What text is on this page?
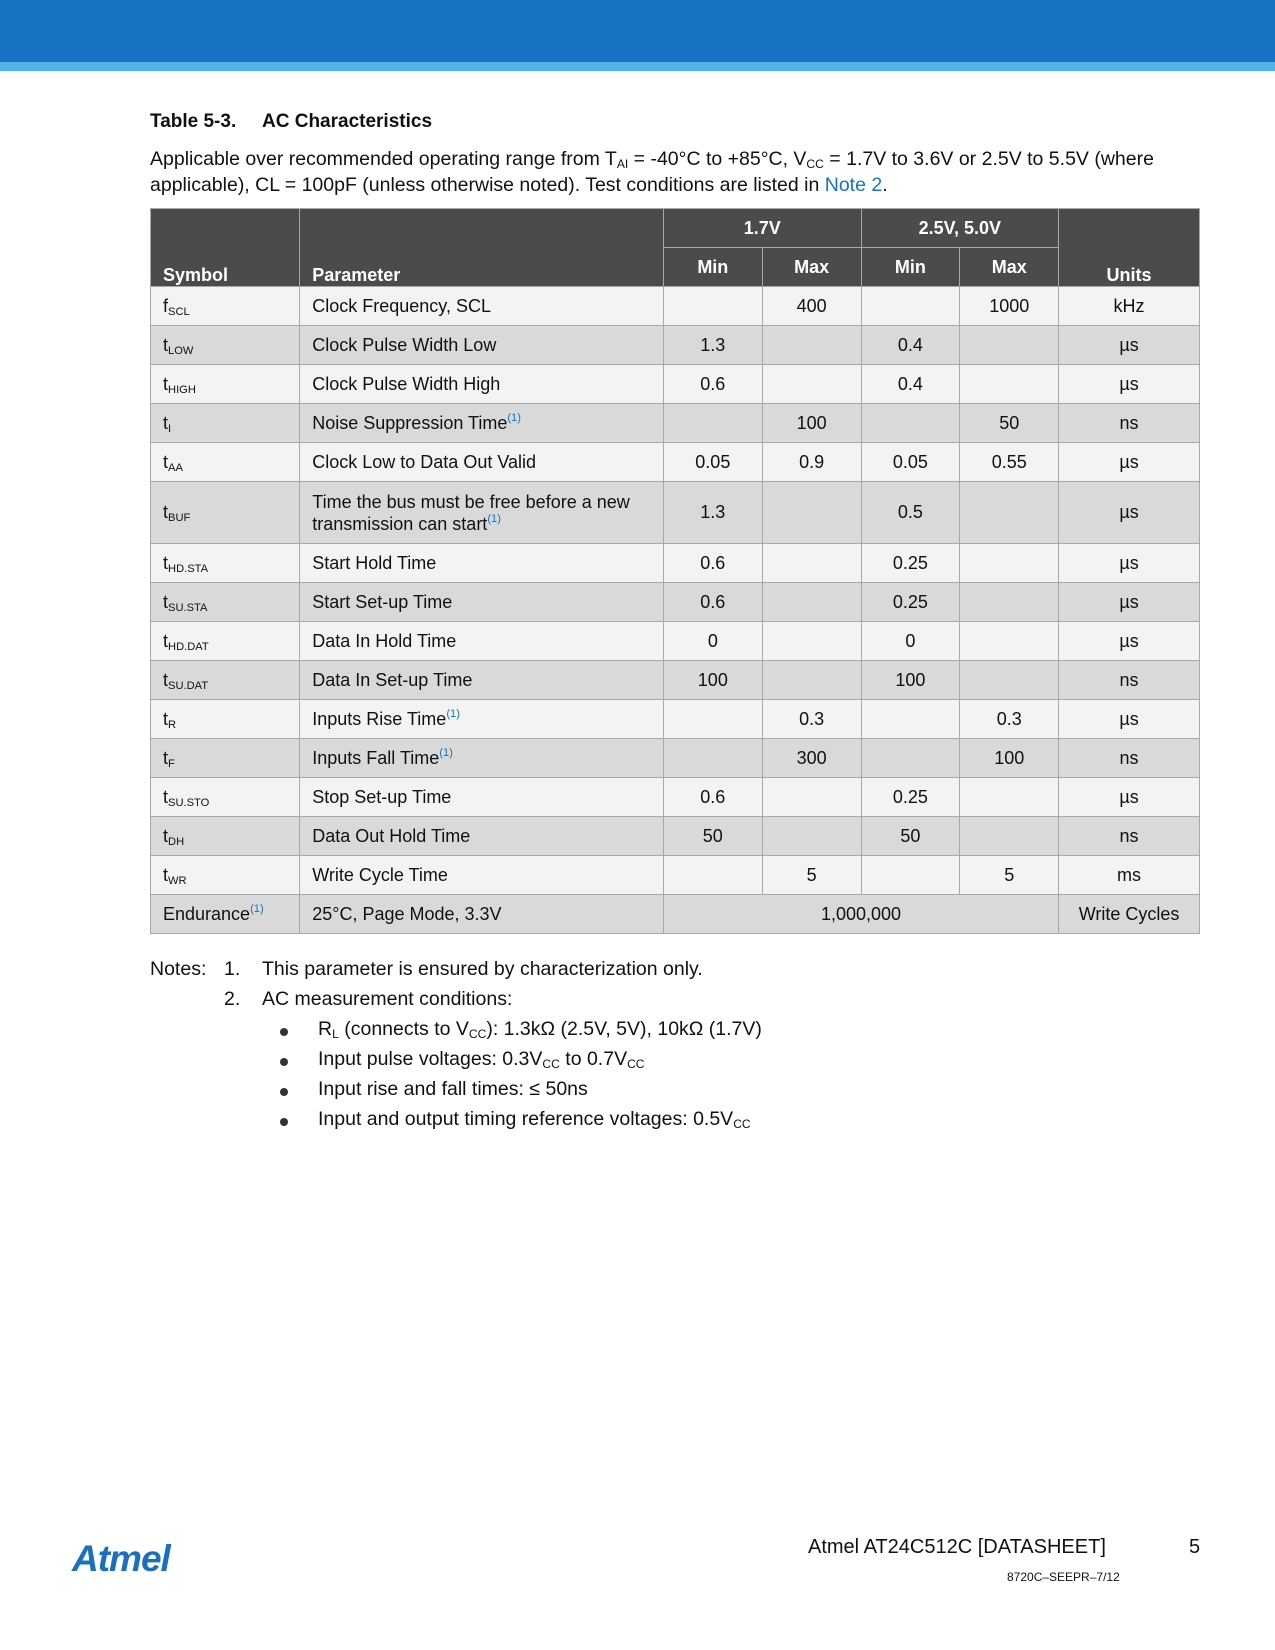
Table 5-3. AC Characteristics
Applicable over recommended operating range from $T_{AI} = -40^\circ C$ to +85°C, $V_{CC} = 1.7V$ to 3.6V or 2.5V to 5.5V (where applicable), CL = 100pF (unless otherwise noted). Test conditions are listed in Note 2.
Symbol	Parameter	1.7V		2.5V, 5.0V		Units
		Min	Max	Min	Max	
$f_{SCL}$	Clock Frequency, SCL		400		1000	kHz
$t_{LOW}$	Clock Pulse Width Low	1.3		0.4		µs
$t_{HIGH}$	Clock Pulse Width High	0.6		0.4		µs
$t_I$	Noise Suppression Time$^{(1)}$		100		50	ns
$t_{AA}$	Clock Low to Data Out Valid	0.05	0.9	0.05	0.55	µs
$t_{BUF}$	Time the bus must be free before a new transmission can start$^{(1)}$	1.3		0.5		µs
$t_{HD.STA}$	Start Hold Time	0.6		0.25		µs
$t_{SU.STA}$	Start Set-up Time	0.6		0.25		µs
$t_{HD.DAT}$	Data In Hold Time	0		0		µs
$t_{SU.DAT}$	Data In Set-up Time	100		100		ns
$t_R$	Inputs Rise Time$^{(1)}$		0.3		0.3	µs
$t_F$	Inputs Fall Time$^{(1)}$		300		100	ns
$t_{SU.STO}$	Stop Set-up Time	0.6		0.25		µs
$t_{DH}$	Data Out Hold Time	50		50		ns
$t_{WR}$	Write Cycle Time		5		5	ms
Endurance$^{(1)}$	25°C, Page Mode, 3.3V	1,000,000				Write Cycles
Notes: 1. This parameter is ensured by characterization only.
2. AC measurement conditions:
$R_L$ (connects to $V_{CC}$): 1.3kΩ (2.5V, 5V), 10kΩ (1.7V)
Input pulse voltages: $0.3V_{CC}$ to $0.7V_{CC}$
Input rise and fall times: ≤ 50ns
Input and output timing reference voltages: $0.5V_{CC}$
Atmel	Atmel AT24C512C [DATASHEET]	5
8720C–SEEPR–7/12
